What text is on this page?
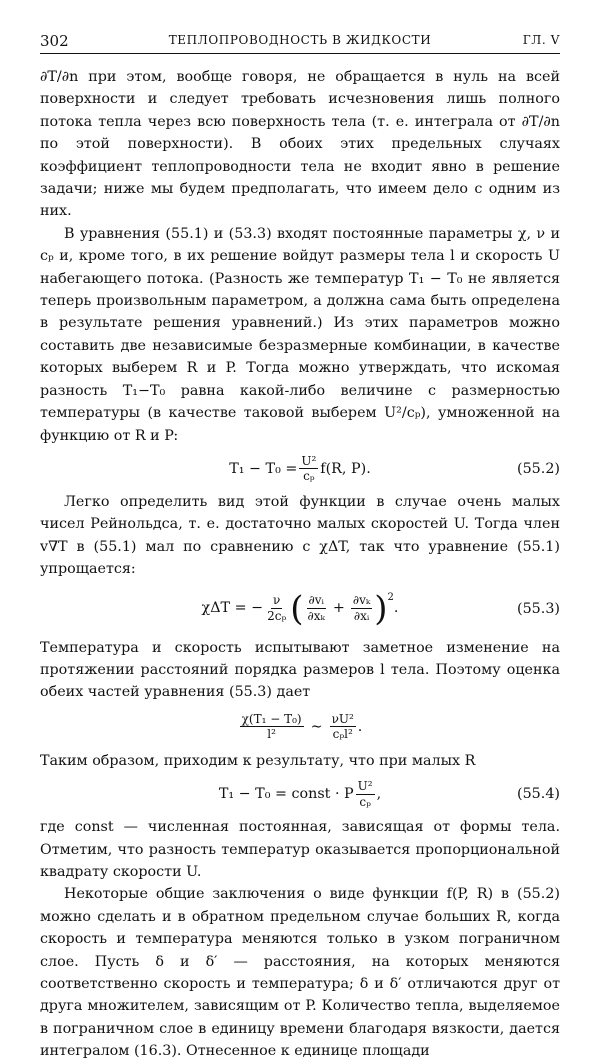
302	ТЕПЛОПРОВОДНОСТЬ В ЖИДКОСТИ	ГЛ. V

∂T/∂n при этом, вообще говоря, не обращается в нуль на всей поверхности и следует требовать исчезновения лишь полного потока тепла через всю поверхность тела (т. е. интеграла от ∂T/∂n по этой поверхности). В обоих этих предельных случаях коэффициент теплопроводности тела не входит явно в решение задачи; ниже мы будем предполагать, что имеем дело с одним из них.

В уравнения (55.1) и (53.3) входят постоянные параметры χ, ν и cₚ и, кроме того, в их решение войдут размеры тела l и скорость U набегающего потока. (Разность же температур T₁ − T₀ не является теперь произвольным параметром, а должна сама быть определена в результате решения уравнений.) Из этих параметров можно составить две независимые безразмерные комбинации, в качестве которых выберем R и P. Тогда можно утверждать, что искомая разность T₁−T₀ равна какой-либо величине с размерностью температуры (в качестве таковой выберем U²/cₚ), умноженной на функцию от R и P:

$T_1 - T_0 = \frac{\text{U²}}{\text{cₚ}} f(R$, P).	(55.2)

Легко определить вид этой функции в случае очень малых чисел Рейнольдса, т. е. достаточно малых скоростей U. Тогда член v∇T в (55.1) мал по сравнению с χΔT, так что уравнение (55.1) упрощается:

χΔT = − $\frac{\nu}{\text{2cₚ}}$ ( $\frac{\text{∂vᵢ}}{\text{∂xₖ}} + \frac{\text{∂vₖ}}{\text{∂xᵢ}}$ ) 2
.	(55.3)

Температура и скорость испытывают заметное изменение на протяжении расстояний порядка размеров l тела. Поэтому оценка обеих частей уравнения (55.3) дает

$\frac{\text{χ(T₁ − T₀)}}{\text{l²}}$ ∼ $\frac{\text{νU²}}{\text{cₚl²}}$ .

Таким образом, приходим к результату, что при малых R

T₁ − T₀ = const · P $\frac{\text{U²}}{\text{cₚ}}$ ,	(55.4)

где const — численная постоянная, зависящая от формы тела. Отметим, что разность температур оказывается пропорциональной квадрату скорости U.

Некоторые общие заключения о виде функции f(P, R) в (55.2) можно сделать и в обратном предельном случае больших R, когда скорость и температура меняются только в узком пограничном слое. Пусть δ и δ′ — расстояния, на которых меняются соответственно скорость и температура; δ и δ′ отличаются друг от друга множителем, зависящим от P. Количество тепла, выделяемое в пограничном слое в единицу времени благодаря вязкости, дается интегралом (16.3). Отнесенное к единице площади
